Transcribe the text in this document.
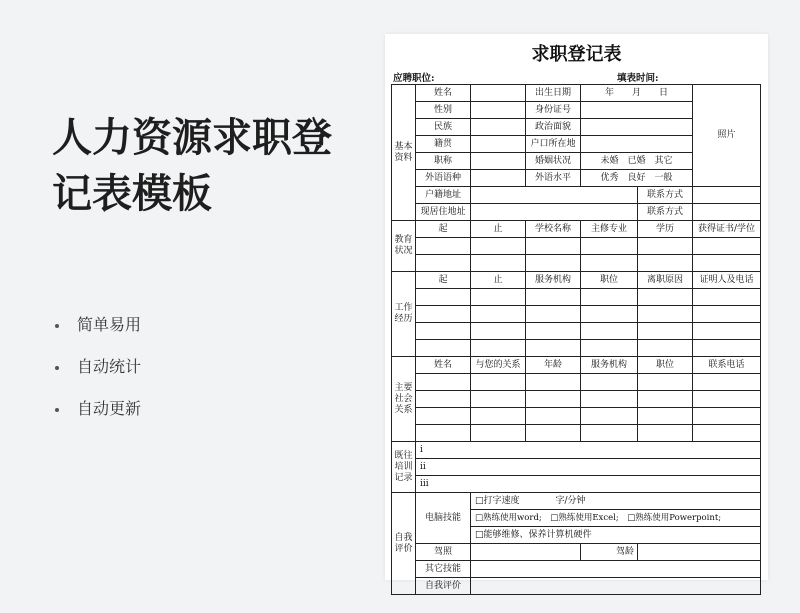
人力资源求职登
记表模板
简单易用
自动统计
自动更新
求职登记表
应聘职位:	填表时间:
基本资料	姓名		出生日期	年　　月　　日		照片
	性别		身份证号			
	民族		政治面貌			
	籍贯		户口所在地			
	职称		婚姻状况	未婚　已婚　其它		
	外语语种		外语水平	优秀　良好　一般		
	户籍地址				联系方式	
	现居住地址				联系方式	
教育状况	起	止	学校名称	主修专业	学历	获得证书/学位

工作经历	起	止	服务机构	职位	离职原因	证明人及电话

主要社会关系	姓名	与您的关系	年龄	服务机构	职位	联系电话

既往培训记录	i					
	ii					
	iii					
自我评价	电脑技能	□打字速度　　　　字/分钟				
		□熟练使用word;　□熟练使用Excel;　□熟练使用Powerpoint;				
		□能够维修、保养计算机硬件				
	驾照			驾龄		
	其它技能					
	自我评价					
